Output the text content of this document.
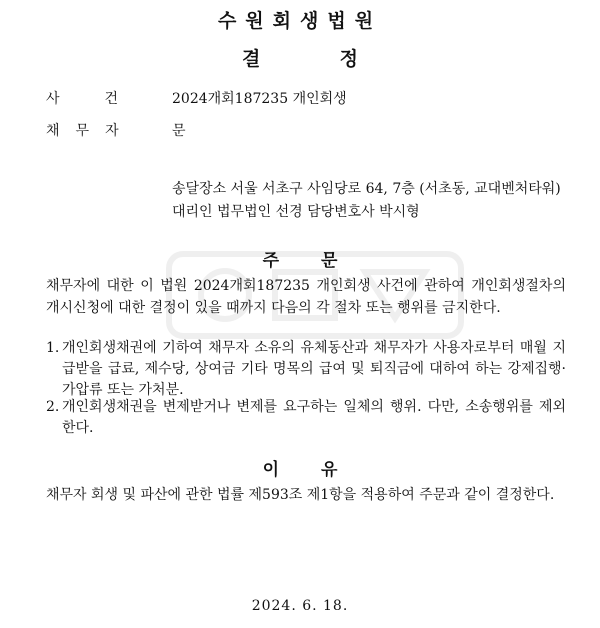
수원회생법원
결	정
사	건	2024개회187235 개인회생
채 무 자	문
송달장소 서울 서초구 사임당로 64, 7층 (서초동, 교대벤처타워)
대리인 법무법인 선경 담당변호사 박시형
주 문
채무자에 대한 이 법원 2024개회187235 개인회생 사건에 관하여 개인회생절차의 개시신청에 대한 결정이 있을 때까지 다음의 각 절차 또는 행위를 금지한다.
1. 개인회생채권에 기하여 채무자 소유의 유체동산과 채무자가 사용자로부터 매월 지급받을 급료, 제수당, 상여금 기타 명목의 급여 및 퇴직금에 대하여 하는 강제집행·가압류 또는 가처분.
2. 개인회생채권을 변제받거나 변제를 요구하는 일체의 행위. 다만, 소송행위를 제외한다.
이 유
채무자 회생 및 파산에 관한 법률 제593조 제1항을 적용하여 주문과 같이 결정한다.
2024. 6. 18.
